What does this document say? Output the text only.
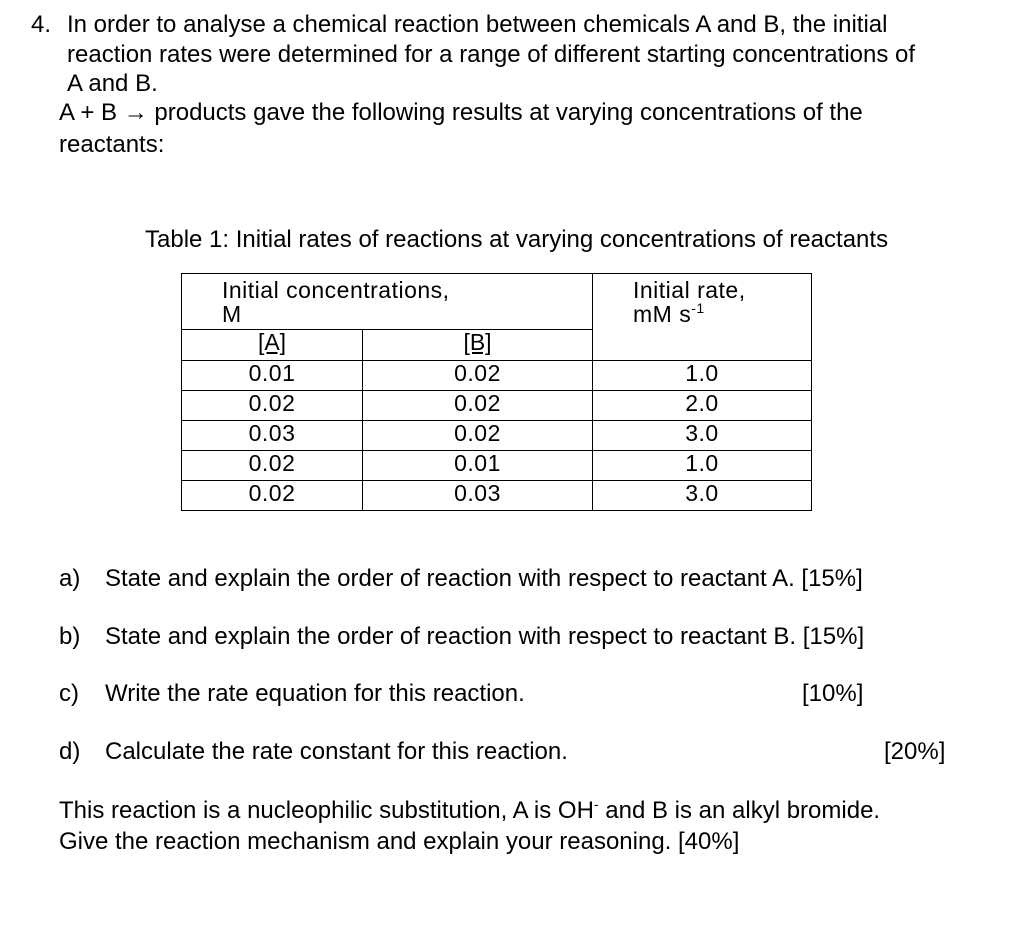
4. In order to analyse a chemical reaction between chemicals A and B, the initial
reaction rates were determined for a range of different starting concentrations of
A and B.
A + B → products gave the following results at varying concentrations of the
reactants:
Table 1: Initial rates of reactions at varying concentrations of reactants
Initial concentrations,
M		Initial rate,
mM $s^{-1}$
[A]	[B]	
0.01	0.02	1.0
0.02	0.02	2.0
0.03	0.02	3.0
0.02	0.01	1.0
0.02	0.03	3.0
a) State and explain the order of reaction with respect to reactant A. [15%]
b) State and explain the order of reaction with respect to reactant B. [15%]
c) Write the rate equation for this reaction.	[10%]
d) Calculate the rate constant for this reaction.	[20%]
This reaction is a nucleophilic substitution, A is OH- and B is an alkyl bromide.
Give the reaction mechanism and explain your reasoning. [40%]
